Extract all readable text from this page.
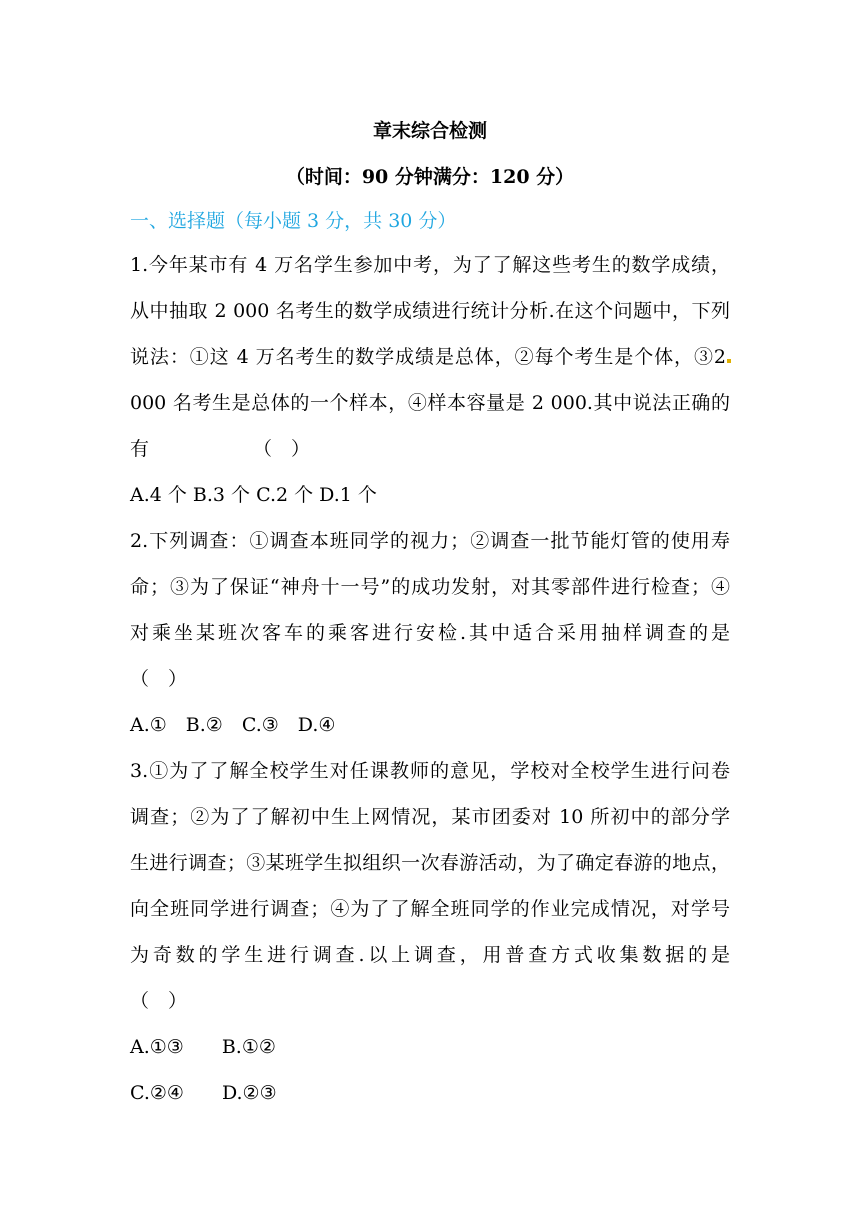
章末综合检测
（时间：90 分钟满分：120 分）
一、选择题（每小题 3 分，共 30 分）
1.今年某市有 4 万名学生参加中考，为了了解这些考生的数学成绩，
从中抽取 2 000 名考生的数学成绩进行统计分析.在这个问题中，下列
说法：①这 4 万名考生的数学成绩是总体，②每个考生是个体，③2
000 名考生是总体的一个样本，④样本容量是 2 000.其中说法正确的
有	（　）
A.4 个 B.3 个 C.2 个 D.1 个
2.下列调查：①调查本班同学的视力；②调查一批节能灯管的使用寿
命；③为了保证“神舟十一号”的成功发射，对其零部件进行检查；④
对乘坐某班次客车的乘客进行安检.其中适合采用抽样调查的是
（　）
A.①　B.②　C.③　D.④
3.①为了了解全校学生对任课教师的意见，学校对全校学生进行问卷
调查；②为了了解初中生上网情况，某市团委对 10 所初中的部分学
生进行调查；③某班学生拟组织一次春游活动，为了确定春游的地点，
向全班同学进行调查；④为了了解全班同学的作业完成情况，对学号
为奇数的学生进行调查.以上调查，用普查方式收集数据的是
（　）
A.①③　　B.①②
C.②④　　D.②③
